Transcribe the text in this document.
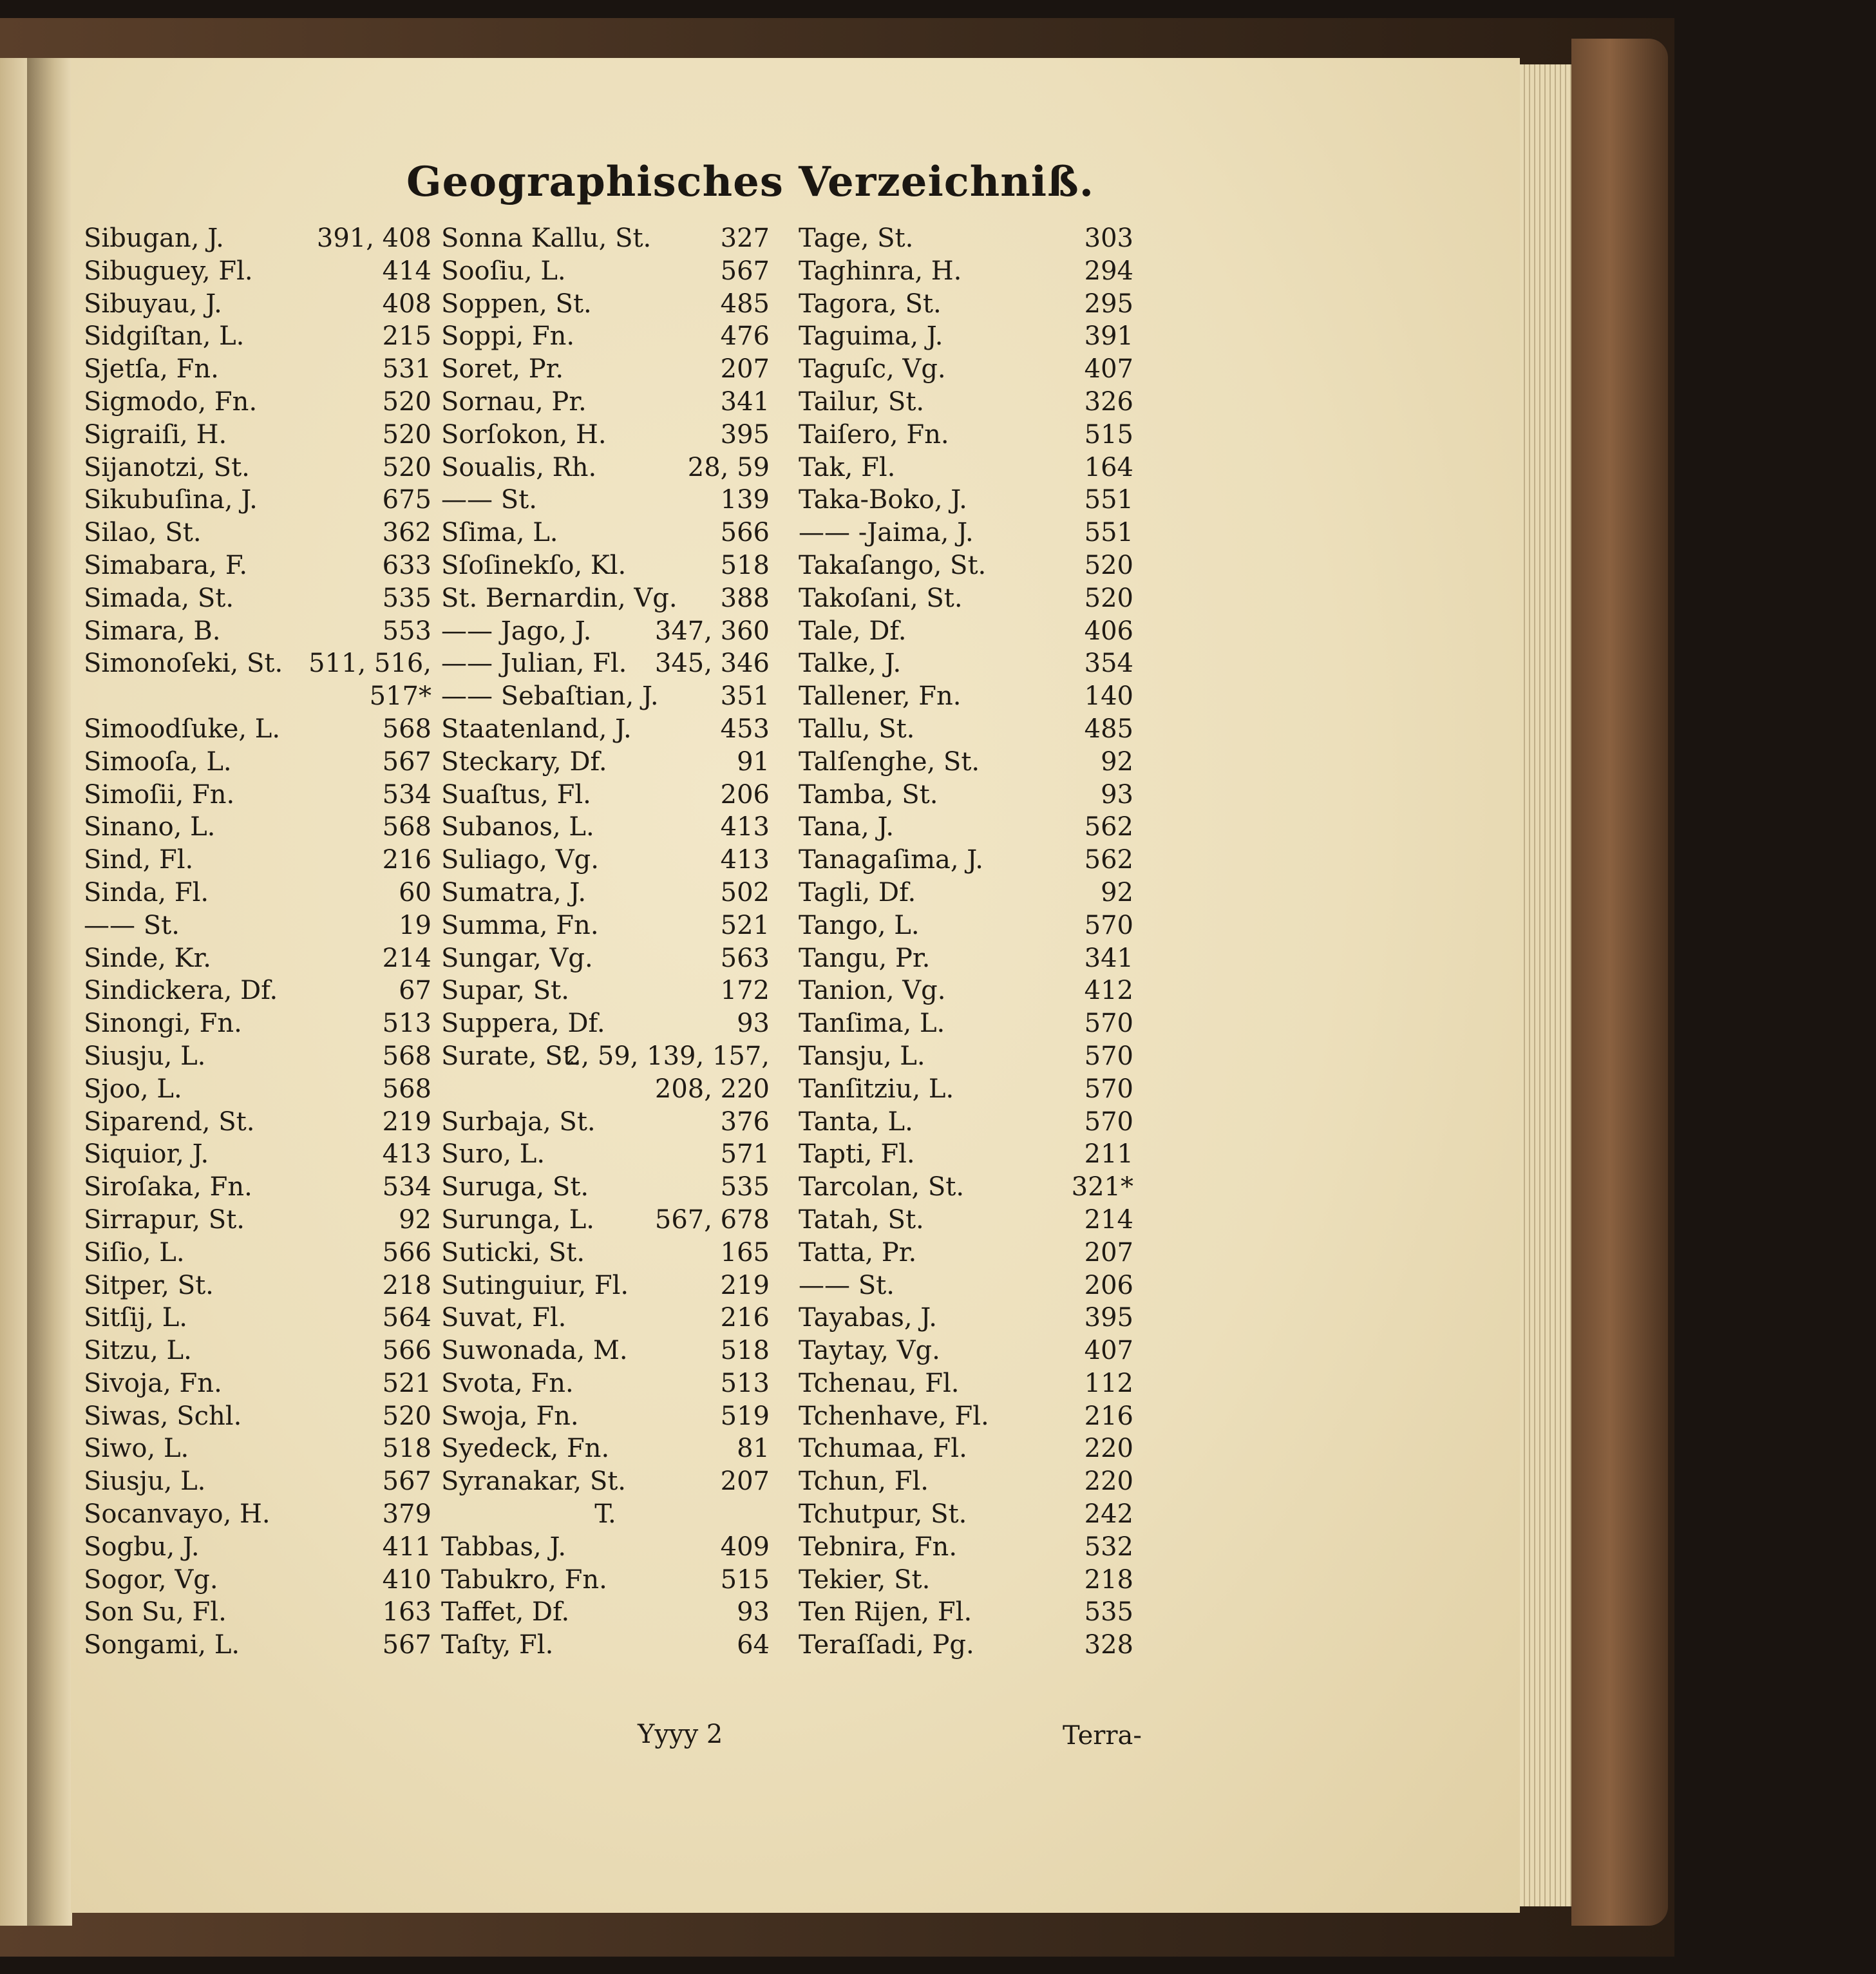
Geographisches Verzeichniß.
Sibugan, J.	391, 408
Sibuguey, Fl.	414
Sibuyau, J.	408
Sidgiſtan, L.	215
Sjetſa, Fn.	531
Sigmodo, Fn.	520
Sigraiſi, H.	520
Sijanotzi, St.	520
Sikubuſina, J.	675
Silao, St.	362
Simabara, F.	633
Simada, St.	535
Simara, B.	553
Simonoſeki, St. 511, 516,
517*
Simoodſuke, L.	568
Simooſa, L.	567
Simoſii, Fn.	534
Sinano, L.	568
Sind, Fl.	216
Sinda, Fl.	60
—— St.	19
Sinde, Kr.	214
Sindickera, Df.	67
Sinongi, Fn.	513
Siusju, L.	568
Sjoo, L.	568
Siparend, St.	219
Siquior, J.	413
Siroſaka, Fn.	534
Sirrapur, St.	92
Siſio, L.	566
Sitper, St.	218
Sitſij, L.	564
Sitzu, L.	566
Sivoja, Fn.	521
Siwas, Schl.	520
Siwo, L.	518
Siusju, L.	567
Socanvayo, H.	379
Sogbu, J.	411
Sogor, Vg.	410
Son Su, Fl.	163
Songami, L.	567
Sonna Kallu, St.	327
Sooſiu, L.	567
Soppen, St.	485
Soppi, Fn.	476
Soret, Pr.	207
Sornau, Pr.	341
Sorſokon, H.	395
Soualis, Rh.	28, 59
—— St.	139
Sſima, L.	566
Sſoſinekſo, Kl.	518
St. Bernardin, Vg. 388
—— Jago, J. 347, 360
—— Julian, Fl. 345, 346
—— Sebaſtian, J. 351
Staatenland, J.	453
Steckary, Df.	91
Suaſtus, Fl.	206
Subanos, L.	413
Suliago, Vg.	413
Sumatra, J.	502
Summa, Fn.	521
Sungar, Vg.	563
Supar, St.	172
Suppera, Df.	93
Surate, St.
2, 59, 139, 157,
208, 220
Surbaja, St.	376
Suro, L.	571
Suruga, St.	535
Surunga, L. 567, 678
Suticki, St.	165
Sutinguiur, Fl.	219
Suvat, Fl.	216
Suwonada, M.	518
Svota, Fn.	513
Swoja, Fn.	519
Syedeck, Fn.	81
Syranakar, St.	207
T.
Tabbas, J.	409
Tabukro, Fn.	515
Taffet, Df.	93
Taſty, Fl.	64
Tage, St.	303
Taghinra, H.	294
Tagora, St.	295
Taguima, J.	391
Taguſc, Vg.	407
Tailur, St.	326
Taiſero, Fn.	515
Tak, Fl.	164
Taka-Boko, J.	551
—— -Jaima, J.	551
Takaſango, St.	520
Takoſani, St.	520
Tale, Df.	406
Talke, J.	354
Tallener, Fn.	140
Tallu, St.	485
Talſenghe, St.	92
Tamba, St.	93
Tana, J.	562
Tanagaſima, J.	562
Tagli, Df.	92
Tango, L.	570
Tangu, Pr.	341
Tanion, Vg.	412
Tanſima, L.	570
Tansju, L.	570
Tanſitziu, L.	570
Tanta, L.	570
Tapti, Fl.	211
Tarcolan, St.	321*
Tatah, St.	214
Tatta, Pr.	207
—— St.	206
Tayabas, J.	395
Taytay, Vg.	407
Tchenau, Fl.	112
Tchenhave, Fl.	216
Tchumaa, Fl.	220
Tchun, Fl.	220
Tchutpur, St.	242
Tebnira, Fn.	532
Tekier, St.	218
Ten Rijen, Fl.	535
Teraſſadi, Pg.	328
Yyyy 2	Terra-
